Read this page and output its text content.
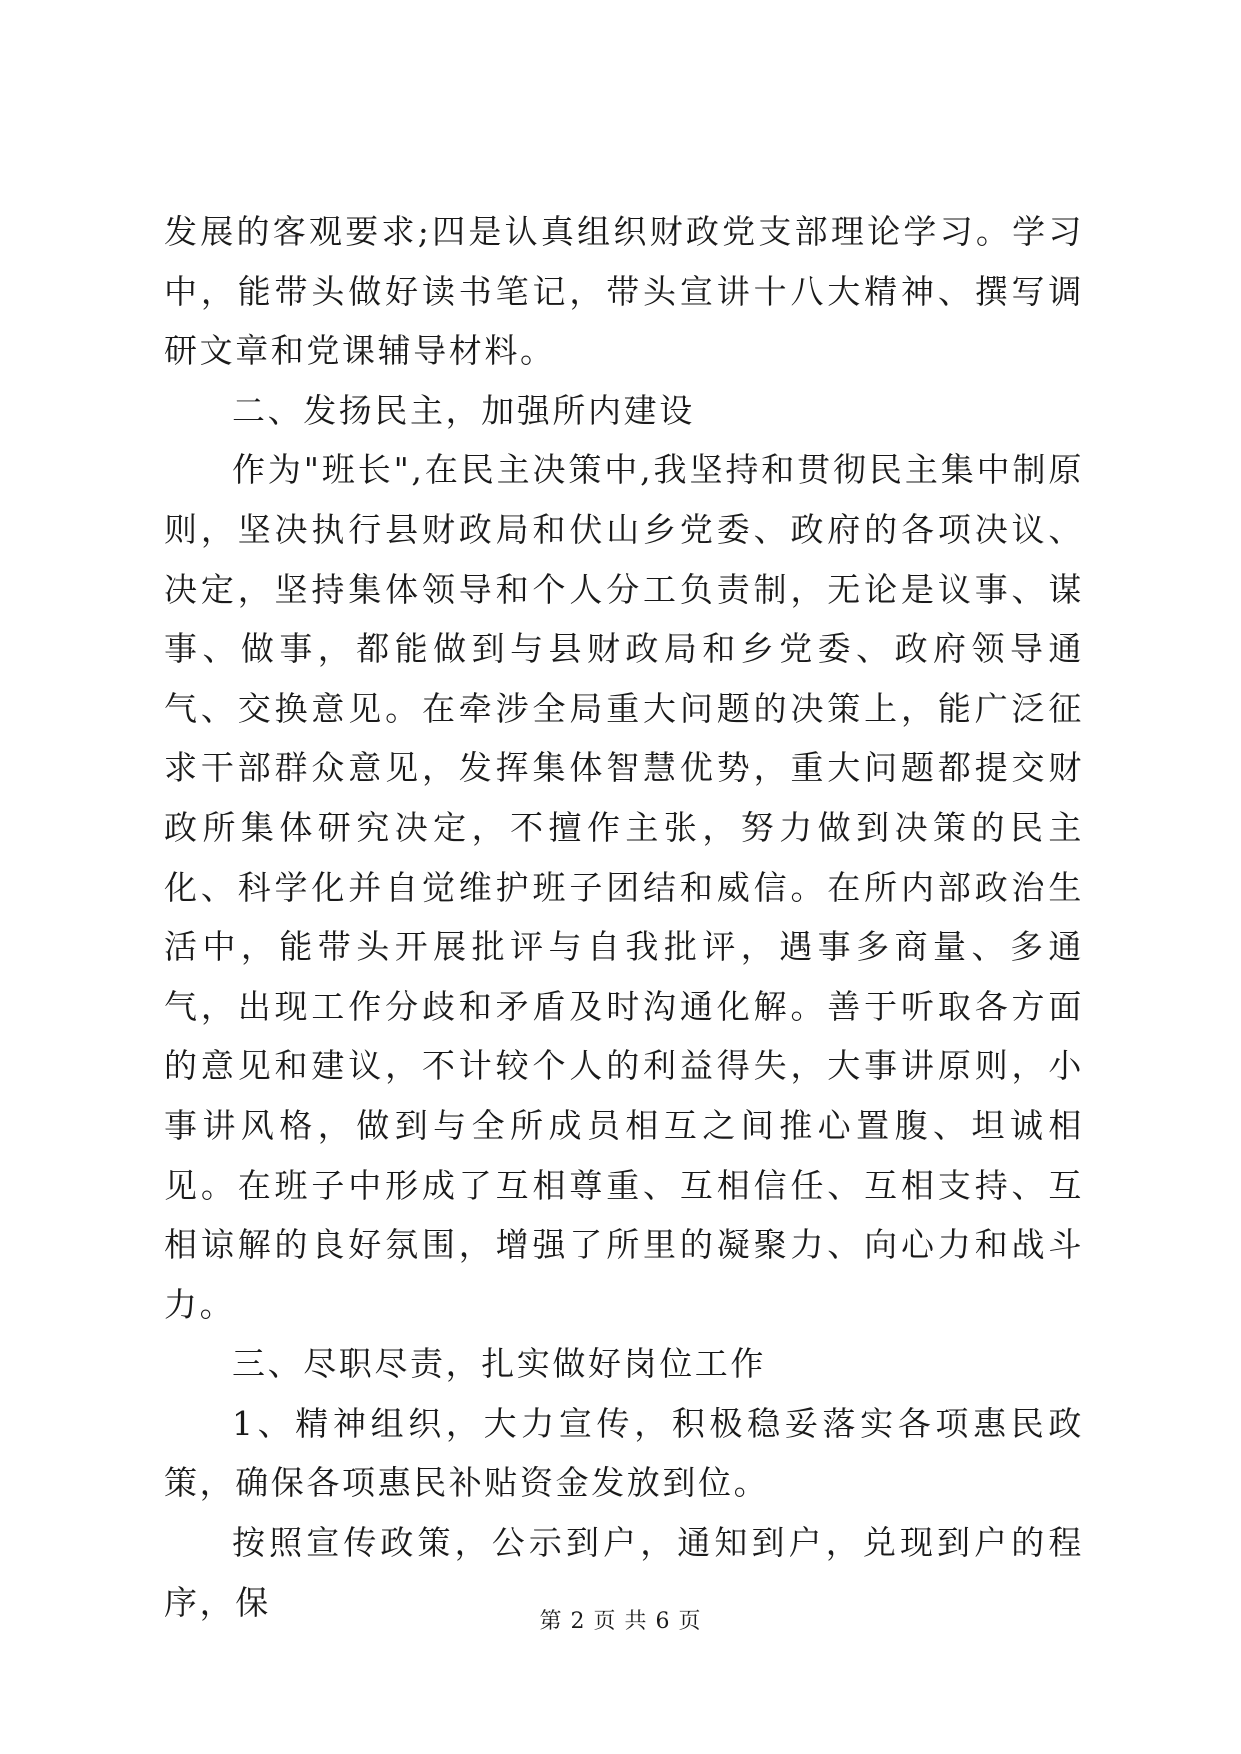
发展的客观要求;四是认真组织财政党支部理论学习。学习中，能带头做好读书笔记，带头宣讲十八大精神、撰写调研文章和党课辅导材料。

二、发扬民主，加强所内建设

作为"班长",在民主决策中,我坚持和贯彻民主集中制原则，坚决执行县财政局和伏山乡党委、政府的各项决议、决定，坚持集体领导和个人分工负责制，无论是议事、谋事、做事，都能做到与县财政局和乡党委、政府领导通气、交换意见。在牵涉全局重大问题的决策上，能广泛征求干部群众意见，发挥集体智慧优势，重大问题都提交财政所集体研究决定，不擅作主张，努力做到决策的民主化、科学化并自觉维护班子团结和威信。在所内部政治生活中，能带头开展批评与自我批评，遇事多商量、多通气，出现工作分歧和矛盾及时沟通化解。善于听取各方面的意见和建议，不计较个人的利益得失，大事讲原则，小事讲风格，做到与全所成员相互之间推心置腹、坦诚相见。在班子中形成了互相尊重、互相信任、互相支持、互相谅解的良好氛围，增强了所里的凝聚力、向心力和战斗力。

三、尽职尽责，扎实做好岗位工作

1、精神组织，大力宣传，积极稳妥落实各项惠民政策，确保各项惠民补贴资金发放到位。

按照宣传政策，公示到户，通知到户，兑现到户的程序，保	第 2 页 共 6 页
